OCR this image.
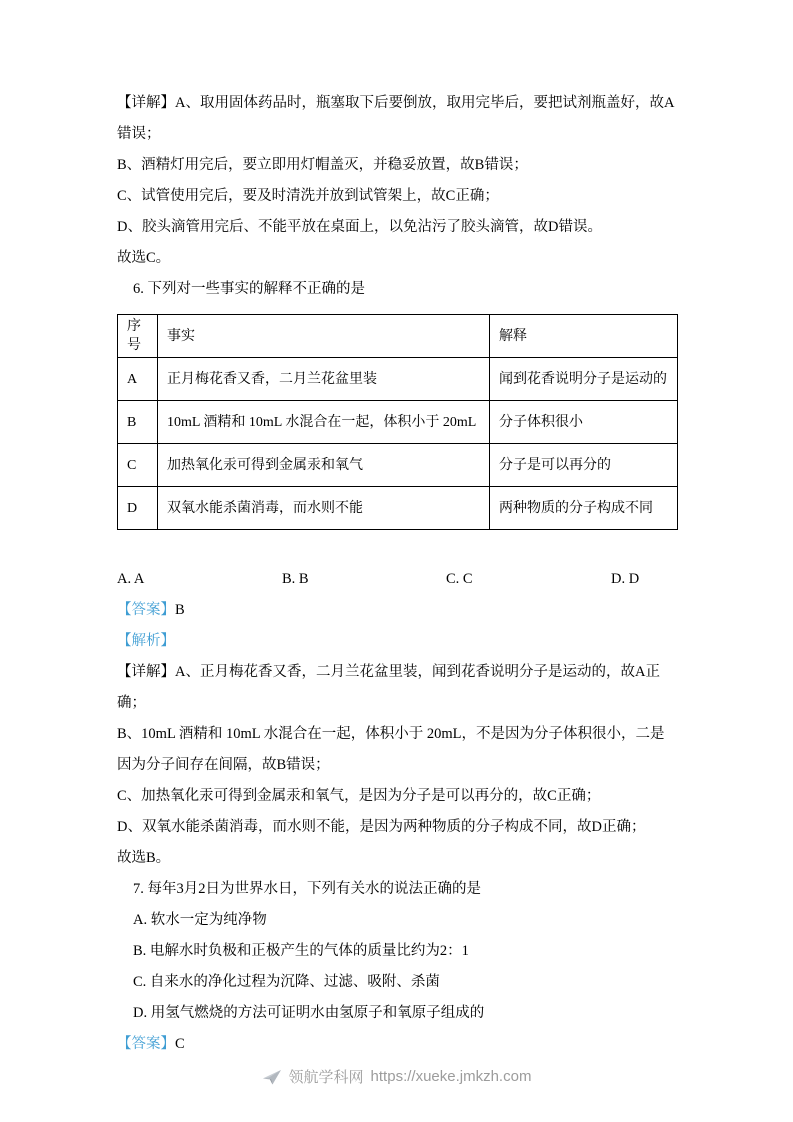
【详解】A、取用固体药品时，瓶塞取下后要倒放，取用完毕后，要把试剂瓶盖好，故A错误；

B、酒精灯用完后，要立即用灯帽盖灭，并稳妥放置，故B错误；

C、试管使用完后，要及时清洗并放到试管架上，故C正确；

D、胶头滴管用完后、不能平放在桌面上，以免沾污了胶头滴管，故D错误。

故选C。

6. 下列对一些事实的解释不正确的是

序号	事实	解释
A	正月梅花香又香，二月兰花盆里装	闻到花香说明分子是运动的
B	10mL 酒精和 10mL 水混合在一起，体积小于 20mL	分子体积很小
C	加热氧化汞可得到金属汞和氧气	分子是可以再分的
D	双氧水能杀菌消毒，而水则不能	两种物质的分子构成不同
A. A	B. B	C. C	D. D

【答案】B

【解析】

【详解】A、正月梅花香又香，二月兰花盆里装，闻到花香说明分子是运动的，故A正确；

B、10mL 酒精和 10mL 水混合在一起，体积小于 20mL，不是因为分子体积很小，二是因为分子间存在间隔，故B错误；

C、加热氧化汞可得到金属汞和氧气，是因为分子是可以再分的，故C正确；

D、双氧水能杀菌消毒，而水则不能，是因为两种物质的分子构成不同，故D正确；

故选B。

7. 每年3月2日为世界水日，下列有关水的说法正确的是

A. 软水一定为纯净物

B. 电解水时负极和正极产生的气体的质量比约为2：1

C. 自来水的净化过程为沉降、过滤、吸附、杀菌

D. 用氢气燃烧的方法可证明水由氢原子和氧原子组成的

【答案】C

领航学科网 https://xueke.jmkzh.com
